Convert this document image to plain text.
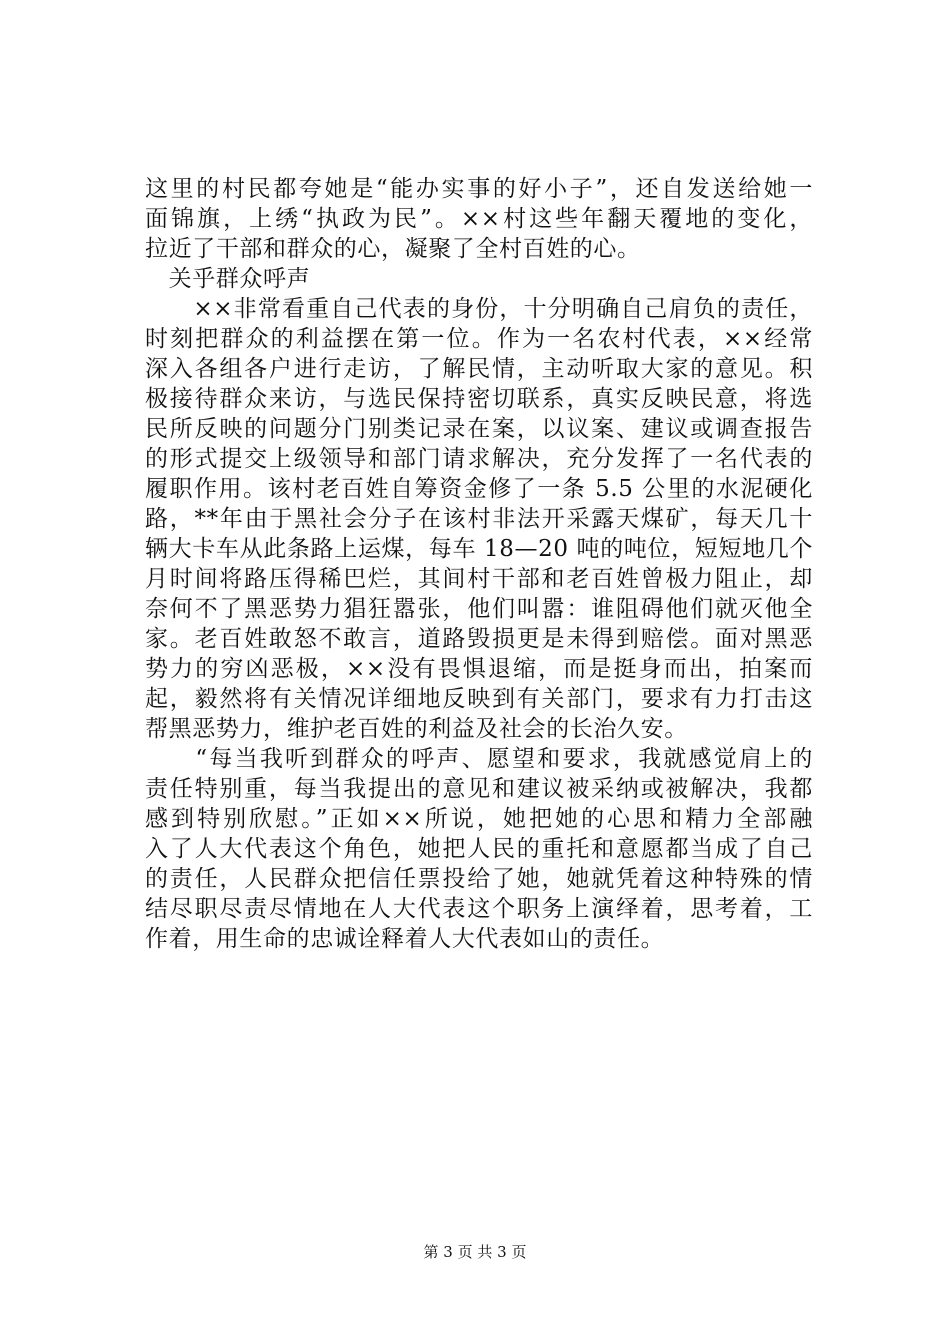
这里的村民都夸她是“能办实事的好小子”，还自发送给她一
面锦旗，上绣“执政为民”。××村这些年翻天覆地的变化，
拉近了干部和群众的心，凝聚了全村百姓的心。
　关乎群众呼声
　　××非常看重自己代表的身份，十分明确自己肩负的责任，
时刻把群众的利益摆在第一位。作为一名农村代表，××经常
深入各组各户进行走访，了解民情，主动听取大家的意见。积
极接待群众来访，与选民保持密切联系，真实反映民意，将选
民所反映的问题分门别类记录在案，以议案、建议或调查报告
的形式提交上级领导和部门请求解决，充分发挥了一名代表的
履职作用。该村老百姓自筹资金修了一条 5.5 公里的水泥硬化
路，**年由于黑社会分子在该村非法开采露天煤矿，每天几十
辆大卡车从此条路上运煤，每车 18—20 吨的吨位，短短地几个
月时间将路压得稀巴烂，其间村干部和老百姓曾极力阻止，却
奈何不了黑恶势力猖狂嚣张，他们叫嚣：谁阻碍他们就灭他全
家。老百姓敢怒不敢言，道路毁损更是未得到赔偿。面对黑恶
势力的穷凶恶极，××没有畏惧退缩，而是挺身而出，拍案而
起，毅然将有关情况详细地反映到有关部门，要求有力打击这
帮黑恶势力，维护老百姓的利益及社会的长治久安。
　　“每当我听到群众的呼声、愿望和要求，我就感觉肩上的
责任特别重，每当我提出的意见和建议被采纳或被解决，我都
感到特别欣慰。”正如××所说，她把她的心思和精力全部融
入了人大代表这个角色，她把人民的重托和意愿都当成了自己
的责任，人民群众把信任票投给了她，她就凭着这种特殊的情
结尽职尽责尽情地在人大代表这个职务上演绎着，思考着，工
作着，用生命的忠诚诠释着人大代表如山的责任。
第 3 页 共 3 页
